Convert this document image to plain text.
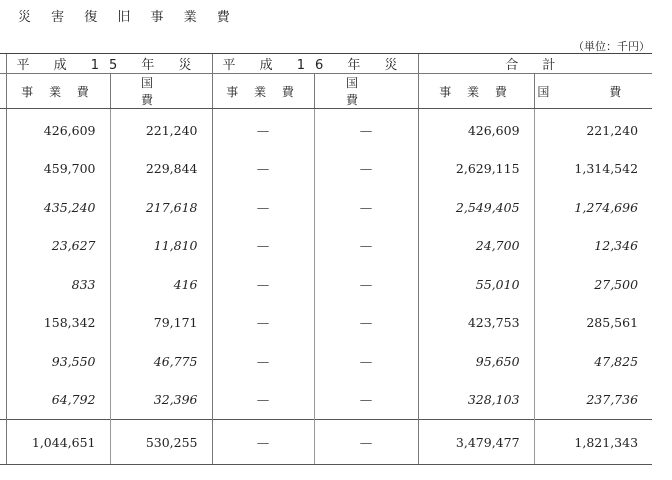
災 害 復 旧 事 業 費
（単位：千円）
	平 成 15 年 災		平 成 16 年 災		合 計	
	事 業 費	国 費	事 業 費	国 費	事 業 費	国 費
	426,609	221,240	—	—	426,609	221,240
	459,700	229,844	—	—	2,629,115	1,314,542
	435,240	217,618	—	—	2,549,405	1,274,696
	23,627	11,810	—	—	24,700	12,346
	833	416	—	—	55,010	27,500
	158,342	79,171	—	—	423,753	285,561
	93,550	46,775	—	—	95,650	47,825
	64,792	32,396	—	—	328,103	237,736
	1,044,651	530,255	—	—	3,479,477	1,821,343
